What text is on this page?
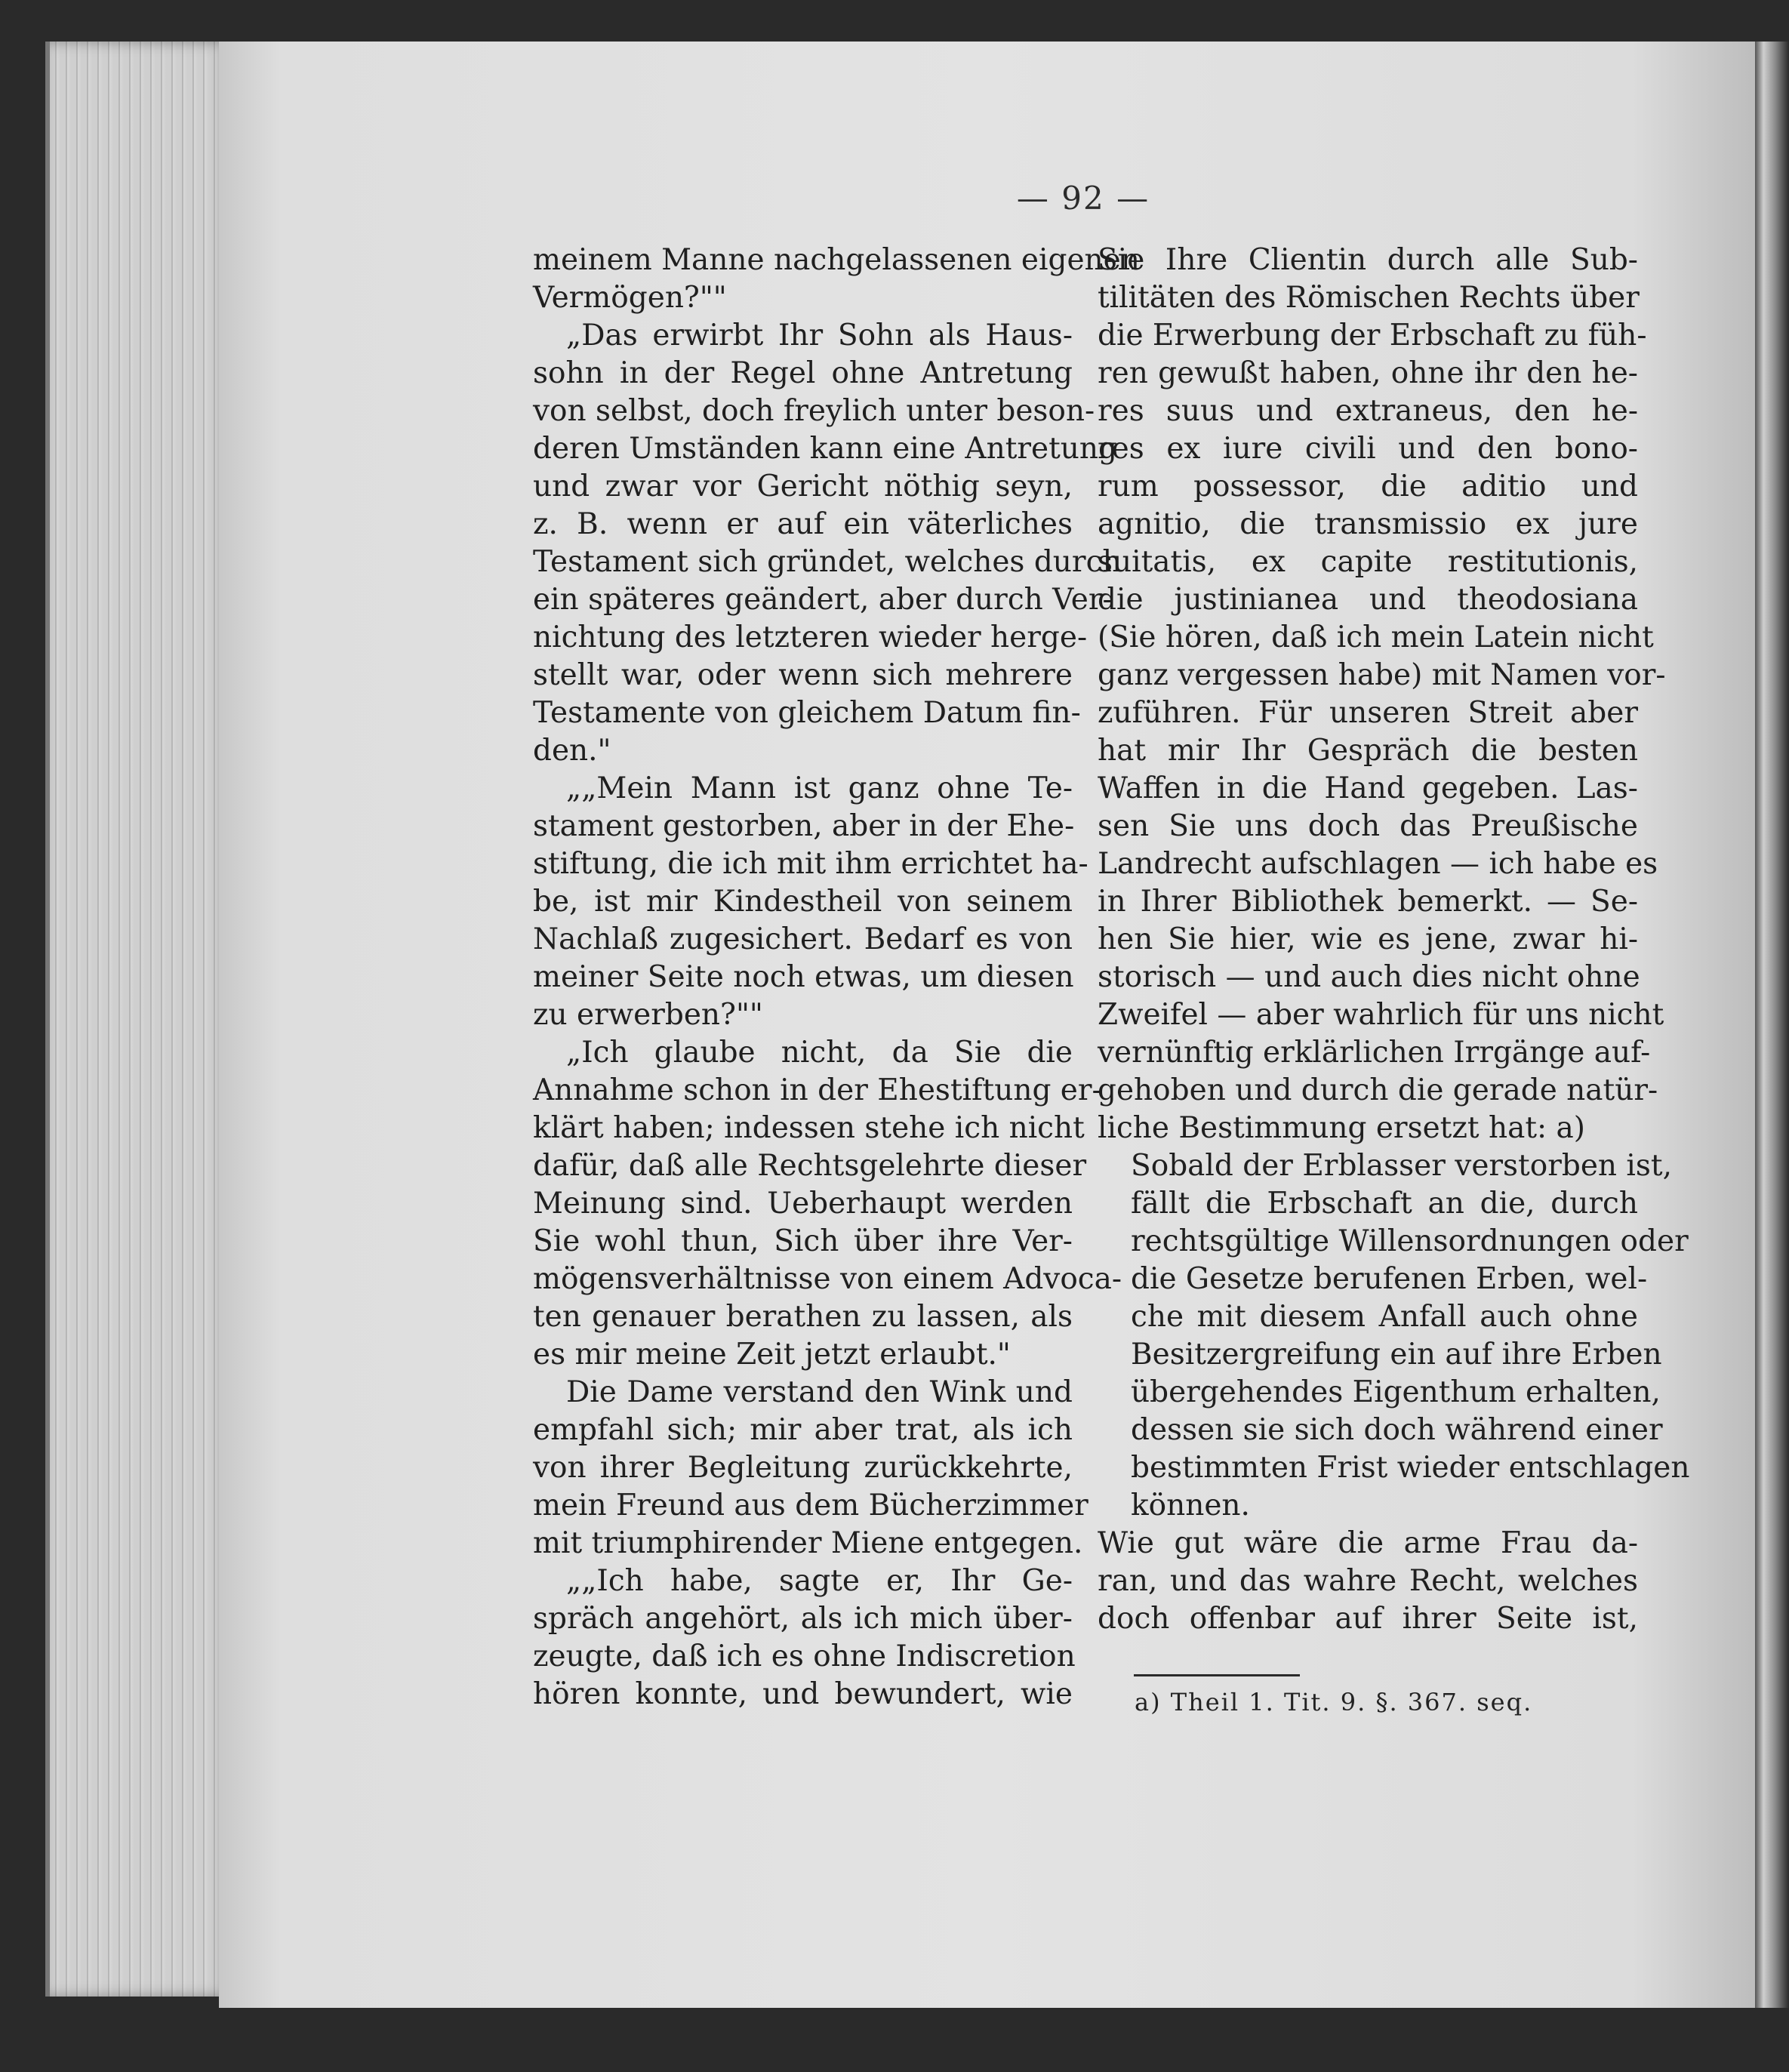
— 92 —
meinem Manne nachgelassenen eigenen
Vermögen?""
„Das erwirbt Ihr Sohn als Haus-
sohn in der Regel ohne Antretung
von selbst, doch freylich unter beson-
deren Umständen kann eine Antretung
und zwar vor Gericht nöthig seyn,
z. B. wenn er auf ein väterliches
Testament sich gründet, welches durch
ein späteres geändert, aber durch Ver-
nichtung des letzteren wieder herge-
stellt war, oder wenn sich mehrere
Testamente von gleichem Datum fin-
den."
„„Mein Mann ist ganz ohne Te-
stament gestorben, aber in der Ehe-
stiftung, die ich mit ihm errichtet ha-
be, ist mir Kindestheil von seinem
Nachlaß zugesichert. Bedarf es von
meiner Seite noch etwas, um diesen
zu erwerben?""
„Ich glaube nicht, da Sie die
Annahme schon in der Ehestiftung er-
klärt haben; indessen stehe ich nicht
dafür, daß alle Rechtsgelehrte dieser
Meinung sind. Ueberhaupt werden
Sie wohl thun, Sich über ihre Ver-
mögensverhältnisse von einem Advoca-
ten genauer berathen zu lassen, als
es mir meine Zeit jetzt erlaubt."
Die Dame verstand den Wink und
empfahl sich; mir aber trat, als ich
von ihrer Begleitung zurückkehrte,
mein Freund aus dem Bücherzimmer
mit triumphirender Miene entgegen.
„„Ich habe, sagte er, Ihr Ge-
spräch angehört, als ich mich über-
zeugte, daß ich es ohne Indiscretion
hören konnte, und bewundert, wie
Sie Ihre Clientin durch alle Sub-
tilitäten des Römischen Rechts über
die Erwerbung der Erbschaft zu füh-
ren gewußt haben, ohne ihr den he-
res suus und extraneus, den he-
res ex iure civili und den bono-
rum possessor, die aditio und
agnitio, die transmissio ex jure
suitatis, ex capite restitutionis,
die justinianea und theodosiana
(Sie hören, daß ich mein Latein nicht
ganz vergessen habe) mit Namen vor-
zuführen. Für unseren Streit aber
hat mir Ihr Gespräch die besten
Waffen in die Hand gegeben. Las-
sen Sie uns doch das Preußische
Landrecht aufschlagen — ich habe es
in Ihrer Bibliothek bemerkt. — Se-
hen Sie hier, wie es jene, zwar hi-
storisch — und auch dies nicht ohne
Zweifel — aber wahrlich für uns nicht
vernünftig erklärlichen Irrgänge auf-
gehoben und durch die gerade natür-
liche Bestimmung ersetzt hat: a)
Sobald der Erblasser verstorben ist,
fällt die Erbschaft an die, durch
rechtsgültige Willensordnungen oder
die Gesetze berufenen Erben, wel-
che mit diesem Anfall auch ohne
Besitzergreifung ein auf ihre Erben
übergehendes Eigenthum erhalten,
dessen sie sich doch während einer
bestimmten Frist wieder entschlagen
können.
Wie gut wäre die arme Frau da-
ran, und das wahre Recht, welches
doch offenbar auf ihrer Seite ist,
a) Theil 1. Tit. 9. §. 367. seq.
